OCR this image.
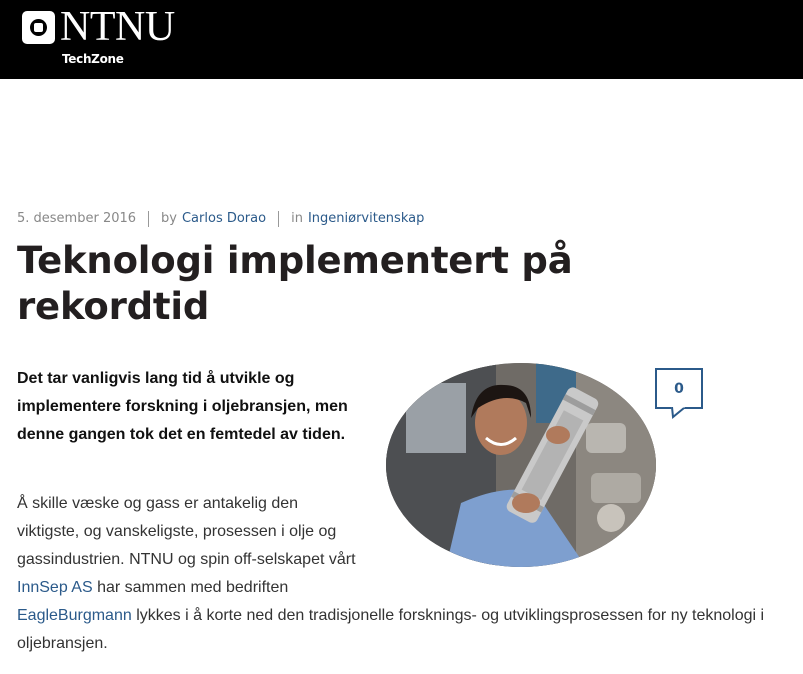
NTNU
TechZone
5. desember 2016 by Carlos Dorao in Ingeniørvitenskap
Teknologi implementert på
rekordtid
Det tar vanligvis lang tid å utvikle og
implementere forskning i oljebransjen, men
denne gangen tok det en femtedel av tiden.
0
Å skille væske og gass er antakelig den
viktigste, og vanskeligste, prosessen i olje og
gassindustrien. NTNU og spin off-selskapet vårt
InnSep AS har sammen med bedriften
EagleBurgmann lykkes i å korte ned den tradisjonelle forsknings- og utviklingsprosessen for ny teknologi i
oljebransjen.
